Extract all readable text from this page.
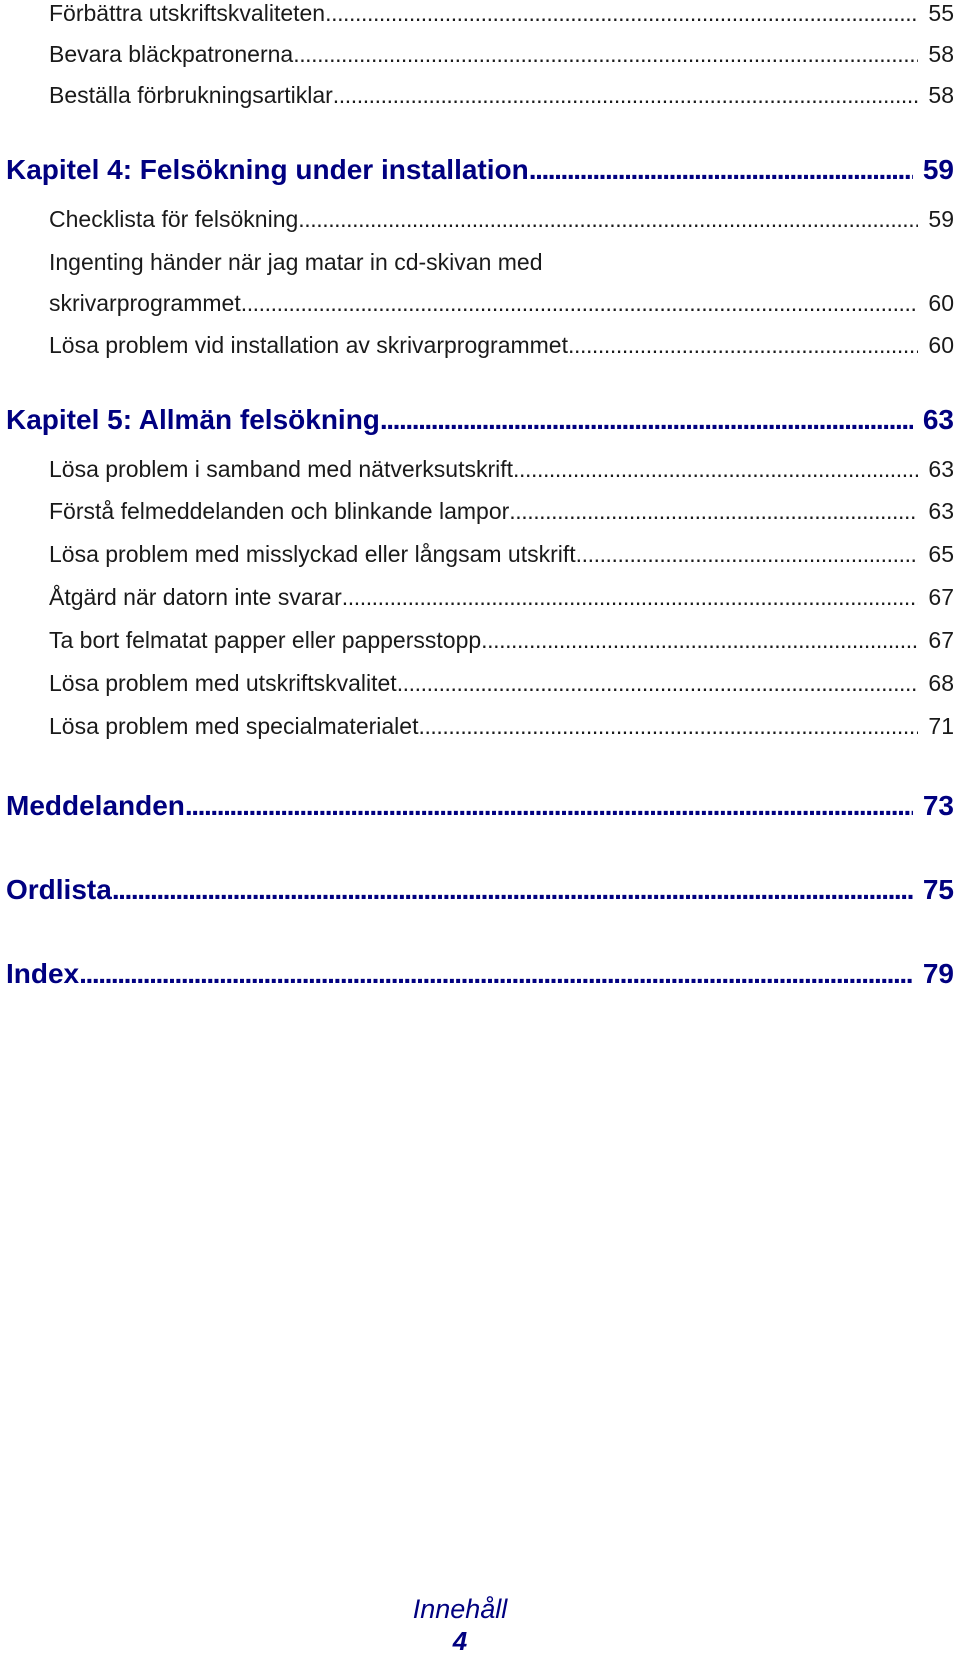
Förbättra utskriftskvaliteten . . .	55
Bevara bläckpatronerna . . .	58
Beställa förbrukningsartiklar . . .	58
Kapitel 4: Felsökning under installation . . .	59
Checklista för felsökning . . .	59
Ingenting händer när jag matar in cd-skivan med
skrivarprogrammet . . .	60
Lösa problem vid installation av skrivarprogrammet . . .	60
Kapitel 5: Allmän felsökning . . .	63
Lösa problem i samband med nätverksutskrift . . .	63
Förstå felmeddelanden och blinkande lampor . . .	63
Lösa problem med misslyckad eller långsam utskrift . . .	65
Åtgärd när datorn inte svarar . . .	67
Ta bort felmatat papper eller pappersstopp . . .	67
Lösa problem med utskriftskvalitet . . .	68
Lösa problem med specialmaterialet . . .	71
Meddelanden . . .	73
Ordlista . . .	75
Index . . .	79
Innehåll
4
